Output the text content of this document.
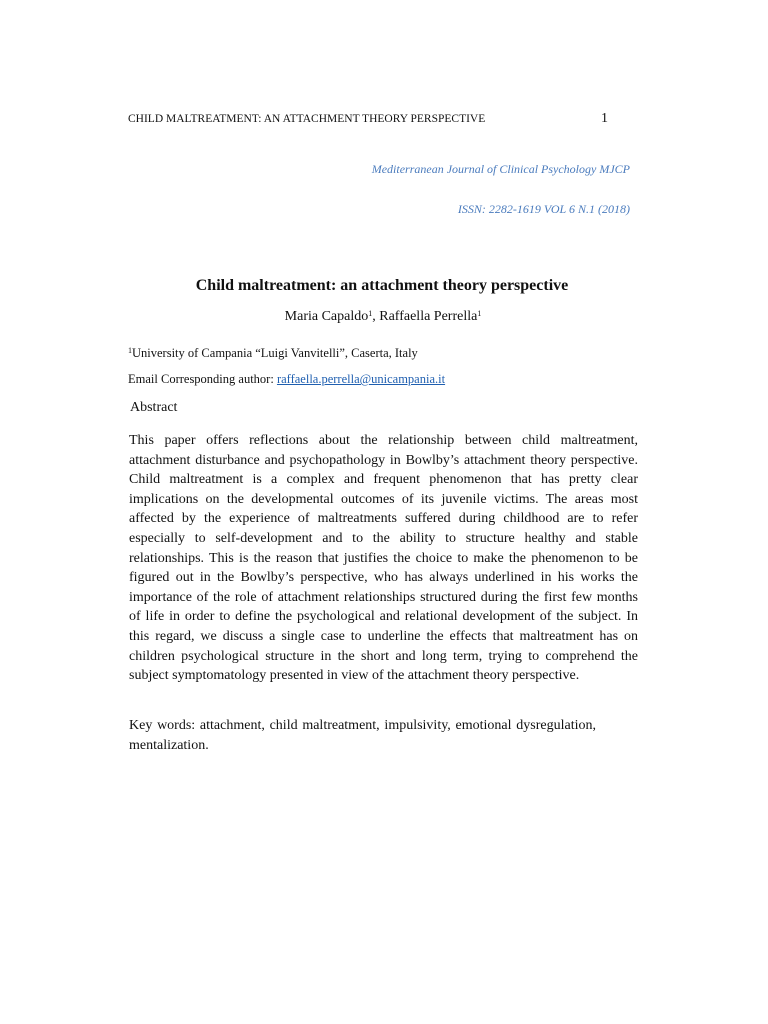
CHILD MALTREATMENT: AN ATTACHMENT THEORY PERSPECTIVE	1
Mediterranean Journal of Clinical Psychology MJCP
ISSN: 2282-1619 VOL 6 N.1 (2018)
Child maltreatment: an attachment theory perspective
Maria Capaldo$^1$, Raffaella Perrella$^1$
$^1$University of Campania “Luigi Vanvitelli”, Caserta, Italy
Email Corresponding author: raffaella.perrella@unicampania.it
Abstract

This paper offers reflections about the relationship between child maltreatment, attachment disturbance and psychopathology in Bowlby’s attachment theory perspective. Child maltreatment is a complex and frequent phenomenon that has pretty clear implications on the developmental outcomes of its juvenile victims. The areas most affected by the experience of maltreatments suffered during childhood are to refer especially to self-development and to the ability to structure healthy and stable relationships. This is the reason that justifies the choice to make the phenomenon to be figured out in the Bowlby’s perspective, who has always underlined in his works the importance of the role of attachment relationships structured during the first few months of life in order to define the psychological and relational development of the subject. In this regard, we discuss a single case to underline the effects that maltreatment has on children psychological structure in the short and long term, trying to comprehend the subject symptomatology presented in view of the attachment theory perspective.

Key words: attachment, child maltreatment, impulsivity, emotional dysregulation, mentalization.
